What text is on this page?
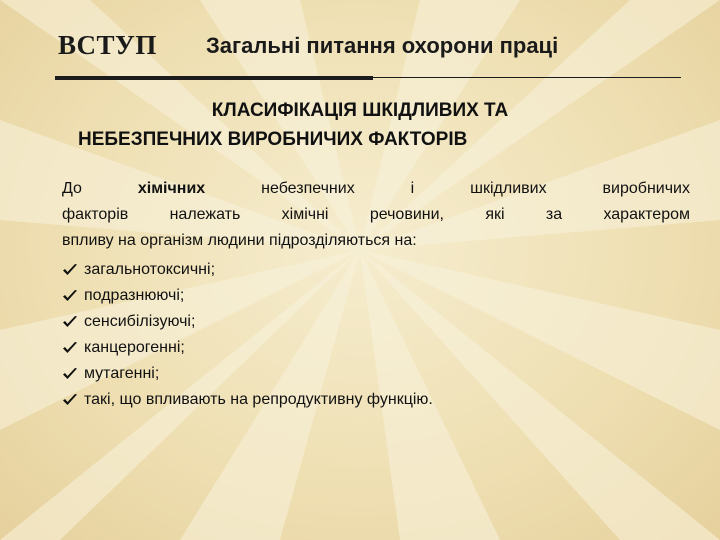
ВСТУП Загальні питання охорони праці
КЛАСИФІКАЦІЯ ШКІДЛИВИХ ТА
НЕБЕЗПЕЧНИХ ВИРОБНИЧИХ ФАКТОРІВ

До	хімічних	небезпечних і шкідливих виробничих
факторів належать хімічні речовини, які за характером
впливу на організм людини підрозділяються на:

загальнотоксичні;
подразнюючі;
сенсибілізуючі;
канцерогенні;
мутагенні;
такі, що впливають на репродуктивну функцію.
